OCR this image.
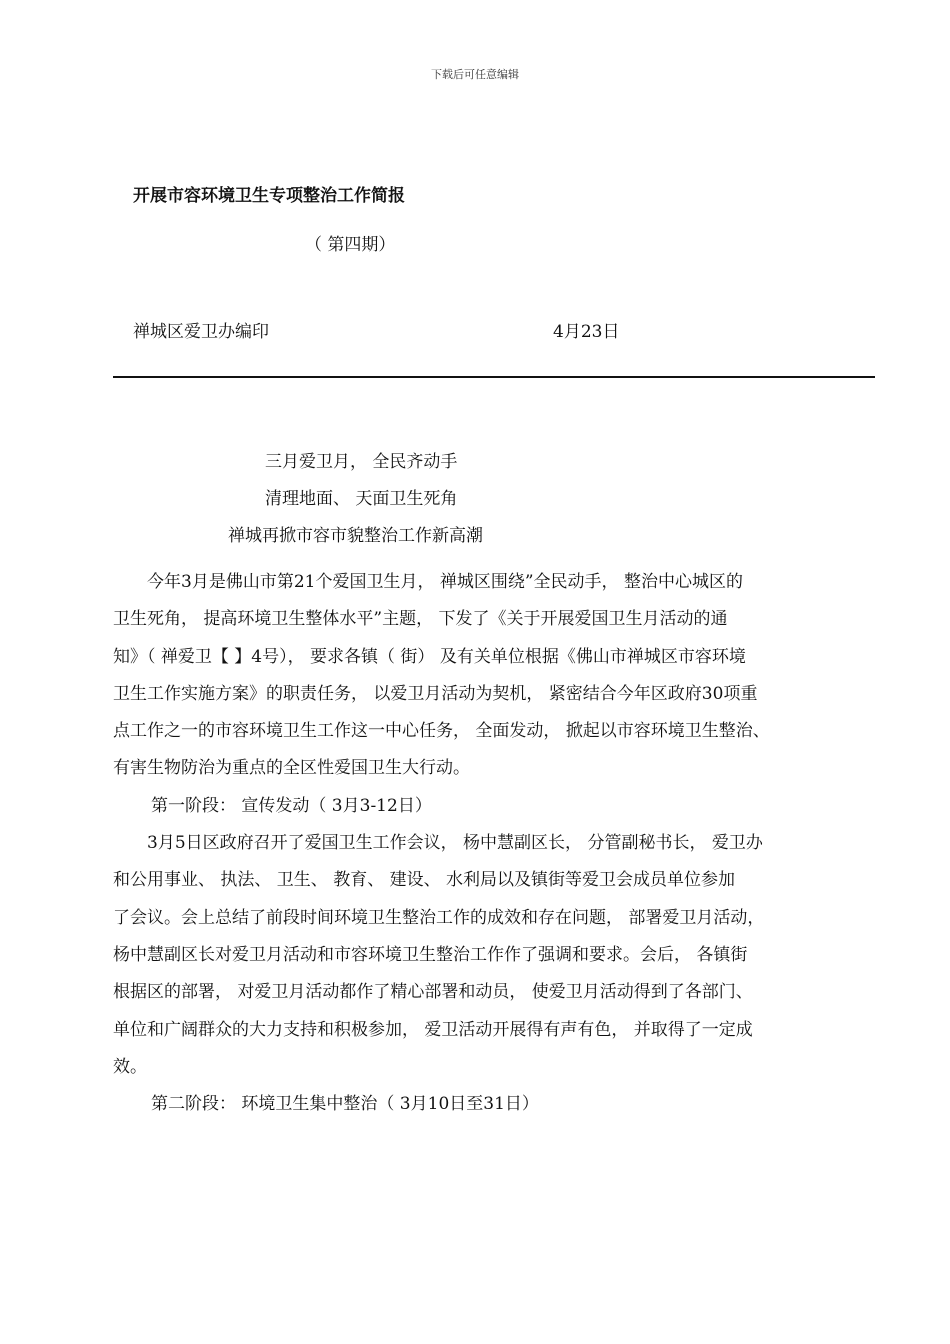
下载后可任意编辑
开展市容环境卫生专项整治工作简报
（ 第四期）
禅城区爱卫办编印	4月23日
三月爱卫月， 全民齐动手
清理地面、 天面卫生死角
禅城再掀市容市貌整治工作新高潮

今年3月是佛山市第21个爱国卫生月， 禅城区围绕”全民动手， 整治中心城区的

卫生死角， 提高环境卫生整体水平”主题， 下发了《关于开展爱国卫生月活动的通

知》（ 禅爱卫【 】4号）， 要求各镇（ 街） 及有关单位根据《佛山市禅城区市容环境

卫生工作实施方案》的职责任务， 以爱卫月活动为契机， 紧密结合今年区政府30项重

点工作之一的市容环境卫生工作这一中心任务， 全面发动， 掀起以市容环境卫生整治、

有害生物防治为重点的全区性爱国卫生大行动。

第一阶段： 宣传发动（ 3月3-12日）

3月5日区政府召开了爱国卫生工作会议， 杨中慧副区长， 分管副秘书长， 爱卫办

和公用事业、 执法、 卫生、 教育、 建设、 水利局以及镇街等爱卫会成员单位参加

了会议。会上总结了前段时间环境卫生整治工作的成效和存在问题， 部署爱卫月活动，

杨中慧副区长对爱卫月活动和市容环境卫生整治工作作了强调和要求。会后， 各镇街

根据区的部署， 对爱卫月活动都作了精心部署和动员， 使爱卫月活动得到了各部门、

单位和广阔群众的大力支持和积极参加， 爱卫活动开展得有声有色， 并取得了一定成

效。

第二阶段： 环境卫生集中整治（ 3月10日至31日）
